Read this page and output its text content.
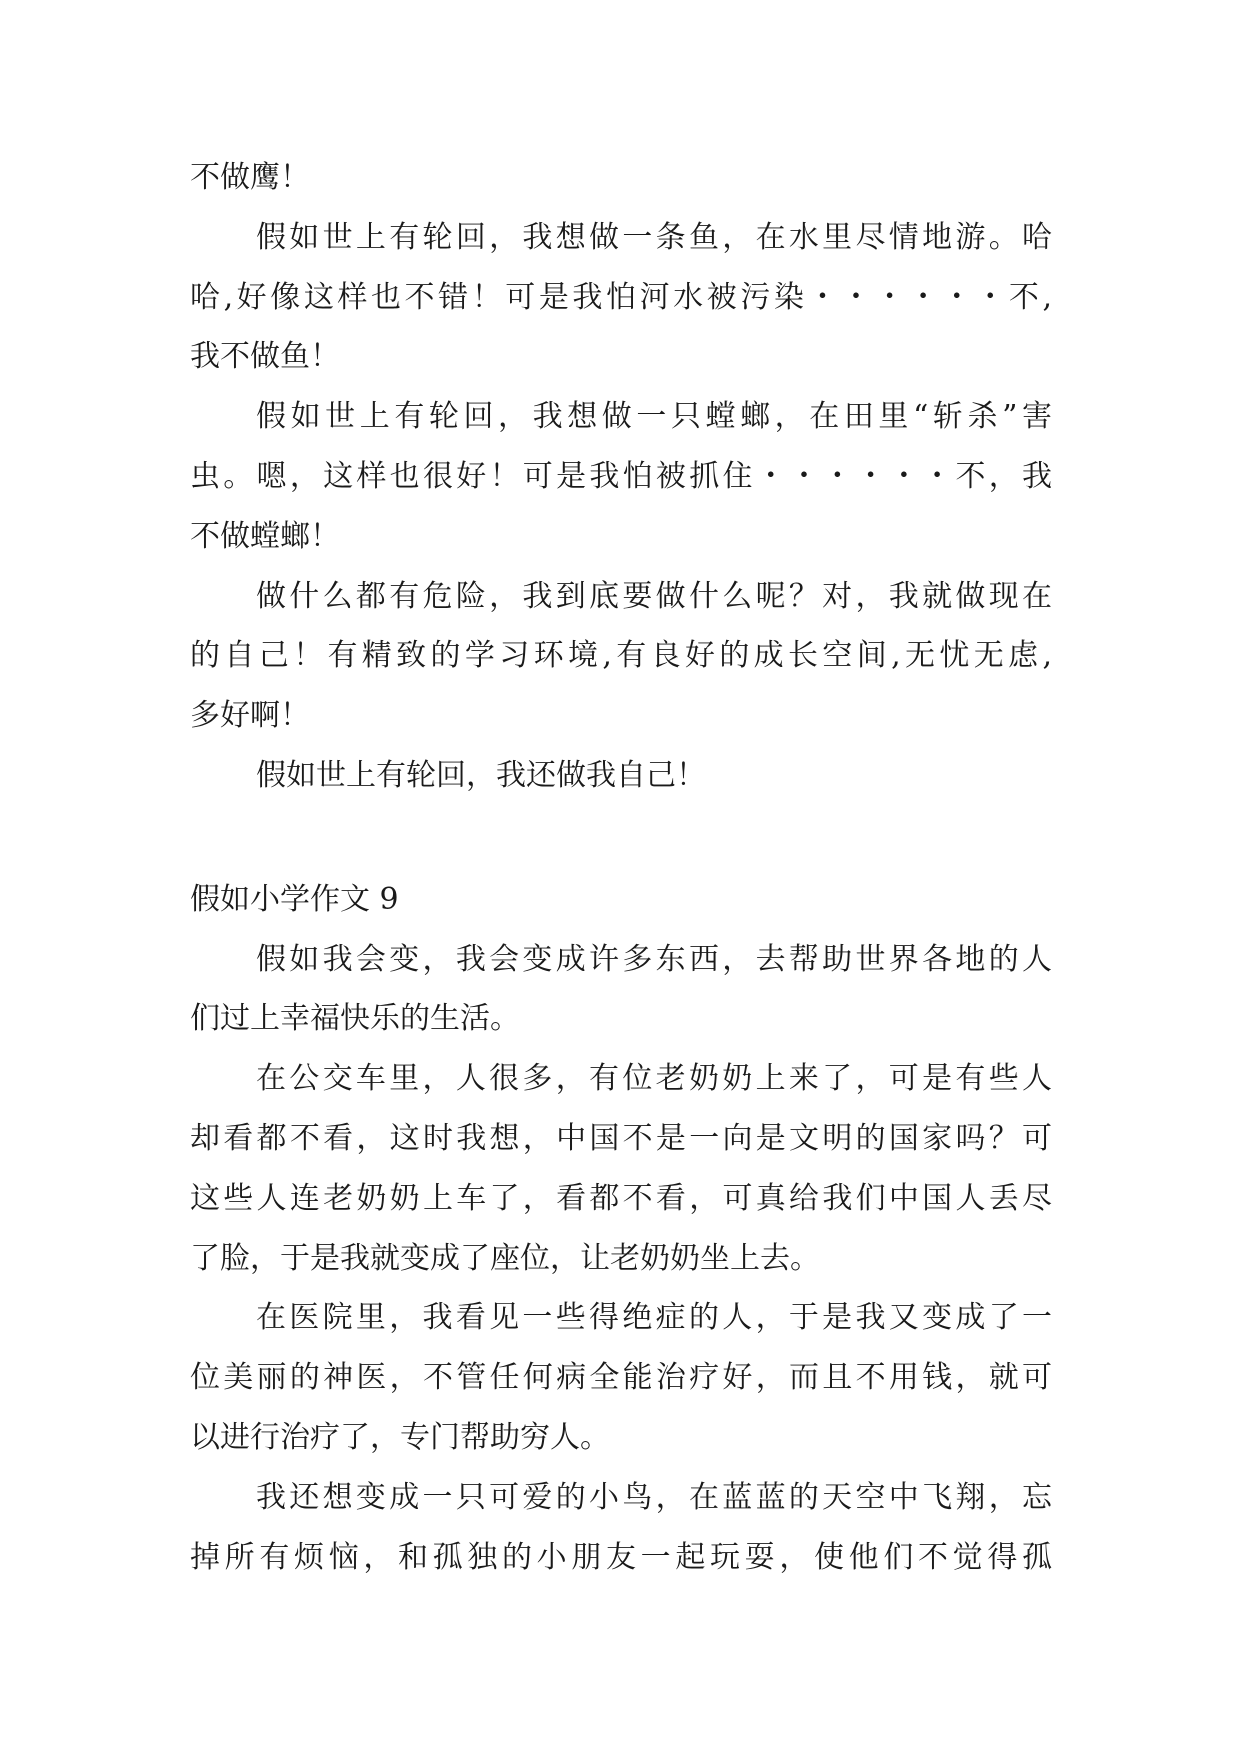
不做鹰！
假如世上有轮回，我想做一条鱼，在水里尽情地游。哈
哈,好像这样也不错！可是我怕河水被污染・・・・・・不,
我不做鱼！
假如世上有轮回，我想做一只螳螂，在田里“斩杀”害
虫。嗯，这样也很好！可是我怕被抓住・・・・・・不，我
不做螳螂！
做什么都有危险，我到底要做什么呢？对，我就做现在
的自己！有精致的学习环境,有良好的成长空间,无忧无虑,
多好啊！
假如世上有轮回，我还做我自己！
假如小学作文 9
假如我会变，我会变成许多东西，去帮助世界各地的人
们过上幸福快乐的生活。
在公交车里，人很多，有位老奶奶上来了，可是有些人
却看都不看，这时我想，中国不是一向是文明的国家吗？可
这些人连老奶奶上车了，看都不看，可真给我们中国人丢尽
了脸，于是我就变成了座位，让老奶奶坐上去。
在医院里，我看见一些得绝症的人，于是我又变成了一
位美丽的神医，不管任何病全能治疗好，而且不用钱，就可
以进行治疗了，专门帮助穷人。
我还想变成一只可爱的小鸟，在蓝蓝的天空中飞翔，忘
掉所有烦恼，和孤独的小朋友一起玩耍，使他们不觉得孤
